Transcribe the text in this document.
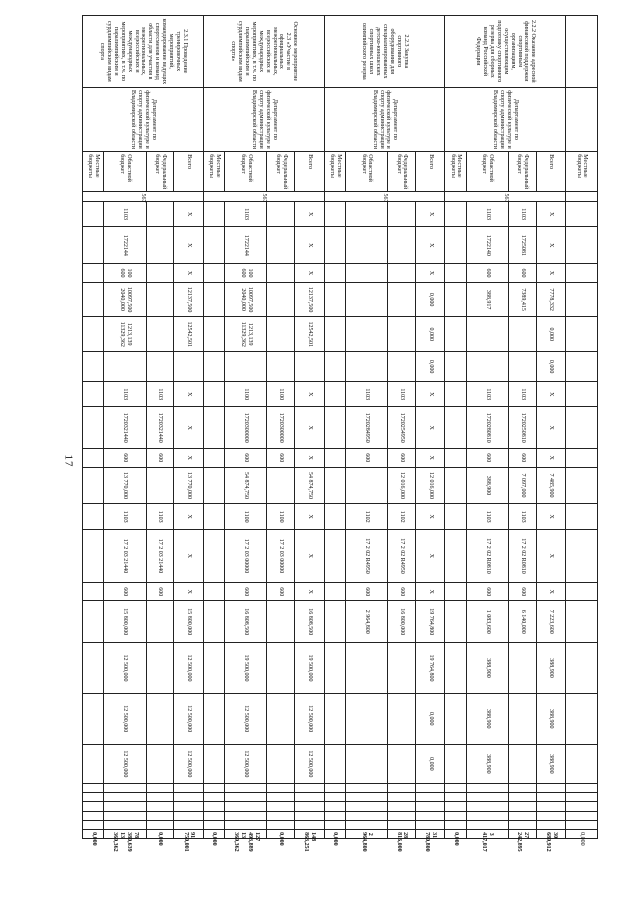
17
		Местные бюджеты																								0,000
2.2.2 Оказание адресной финансовой поддержки спортивным организациям, осуществляющим подготовку спортивного резерва для сборных команд Российской Федерации	Департамент по физической культуре и спорту администрации Владимирской области	Всего	567	Х	Х	Х	7778,332	0,000	0,000	Х	Х	Х	7 485,900	Х	Х	Х	7 223,600	388,900	388,900	388,900						30 689,912
		Федеральный бюджет		1103	1725081	600	7389,415			1103	1720250810	600	7 097,000	1103	17 2 02 R0810	600	6 140,000									27 242,895
		Областной бюджет		1103	1722140	600	388,917			1103	1720280810	600	388,900	1103	17 2 02 R0810	600	1 083,600	388,900	388,900	388,900						3 417,017
		Местные бюджеты																								0,000
2.2.3 Закупка спортивного оборудования для специализированных детско-юношеских спортивных школ олимпийского резерва	Департамент по физической культуре и спорту администрации Владимирской области	Всего	567	Х	Х	Х	0,000	0,000	0,000	Х	Х	Х	12 016,000	Х	Х	Х	19 764,800	19 764,800	0,000	0,000						31 780,800
		Федеральный бюджет								1103	1720254950	600	12 016,000	1102	17 2 02 R4950	600	16 800,000									28 816,000
		Областной бюджет								1103	1720284950	600		1102	17 2 02 R4950	600	2 964,800									2 964,800
		Местные бюджеты																								0,000
Основное мероприятие 2.3 «Участие в официальных межрегиональных, всероссийских и международных мероприятиях, в т.ч. по паралимпийским и сурдлимпийским видам спорта»	Департамент по физической культуре и спорту администрации Владимирской области	Всего	567	Х	Х	Х	12137,500	12542,501		Х	Х	Х	54 874,750	Х	Х	Х	16 808,500	19 500,000	12 500,000	12 500,000						148 863,251
		Федеральный бюджет								1100	1720300000	600		1100	17 2 03 00000	600										0,000
		Областной бюджет		1103	1722144	100 600	10097,500 2040,000	1213,139 11329,362		1100	1720300000	600	54 874,750	1100	17 2 03 00000	600	16 808,500	19 500,000	12 500,000	12 500,000						127 493,889 13 369,362
		Местные бюджеты																								0,000
2.3.1 Проведение тренировочных мероприятий, командирование ведущих спортсменов и команд области для участия в межрегиональных, всероссийских и международных мероприятиях, в т.ч. по паралимпийским и сурдлимпийским видам спорта	Департамент по физической культуре и спорту администрации Владимирской области	Всего	567	Х	Х	Х	12137,500	12542,501		Х	Х	Х	13 770,000	Х	Х	Х	15 800,000	12 500,000	12 500,000	12 500,000						91 750,001
		Федеральный бюджет								1103	1720321440	600		1103	17 2 03 21440	600										0,000
		Областной бюджет		1103	1722144	100 600	10097,500 2040,000	1213,139 11329,362		1103	1720321440	600	13 770,000	1103	17 2 03 21440	600	15 800,000	12 500,000	12 500,000	12 500,000						78 380,639 13 369,362
		Местные бюджеты																								0,000
